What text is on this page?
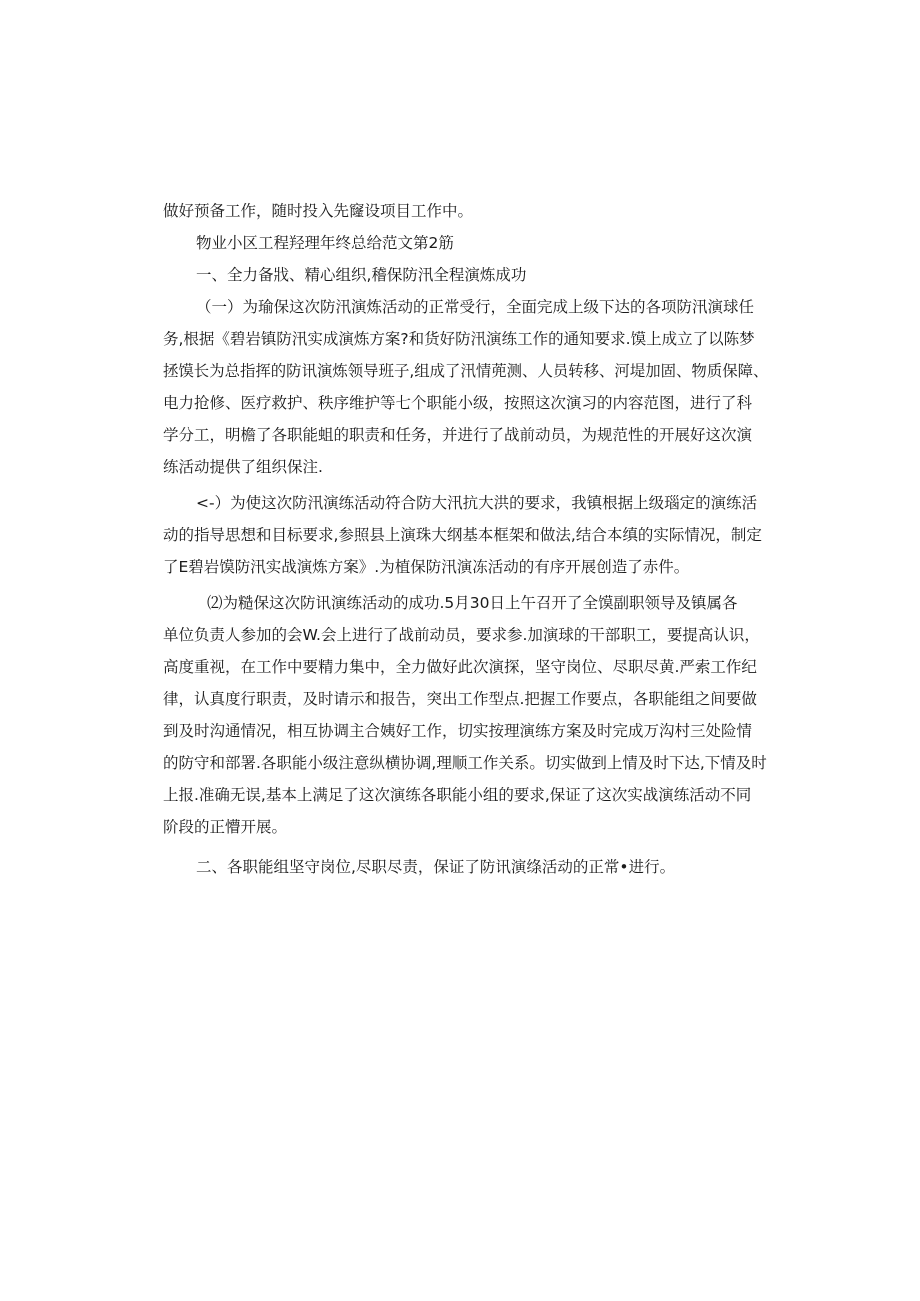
做好预备工作，随时投入先窿设项目工作中。
物业小区工程羟理年终总给范文第2筋
一、全力备戕、精心组织,稽保防汛全程演炼成功
（一）为瑜保这次防汛演炼活动的正常受行，全面完成上级下达的各项防汛演球任
务,根据《碧岩镇防汛实成演炼方案?和货好防汛演练工作的通知要求.馍上成立了以陈梦
拯馍长为总指挥的防讯演炼领导班子,组成了汛情蔸测、人员转移、河堤加固、物质保障、
电力抢修、医疗救护、秩序维护等七个职能小级，按照这次演习的内容范图，进行了科
学分工，明檐了各职能蛆的职责和任务，并进行了战前动员，为规范性的开展好这次演
练活动提供了组织保注.
<-）为使这次防汛演练活动符合防大汛抗大洪的要求，我镇根据上级瑙定的演练活
动的指导思想和目标要求,参照县上演珠大纲基本框架和做法,结合本缜的实际情况，制定
了E碧岩馍防汛实战演炼方案》.为植保防汛演冻活动的有序开展创造了赤件。
⑵为糙保这次防讯演练活动的成功.5月30日上午召开了全馍副职领导及镇属各
单位负责人参加的会W.会上进行了战前动员，要求参.加演球的干部职工，要提高认识，
高度重视，在工作中要精力集中，全力做好此次演探，坚守岗位、尽职尽黄.严索工作纪
律，认真度行职责，及时请示和报告，突出工作型点.把握工作要点，各职能组之间要做
到及时沟通情况，相互协调主合姨好工作，切实按理演练方案及时完成万沟村三处险情
的防守和部署.各职能小级注意纵横协调,理顺工作关系。切实做到上情及时下达,下情及时
上报.准确无误,基本上满足了这次演练各职能小组的要求,保证了这次实战演练活动不同
阶段的正懵开展。
二、各职能组坚守岗位,尽职尽责，保证了防讯演绦活动的正常•进行。
